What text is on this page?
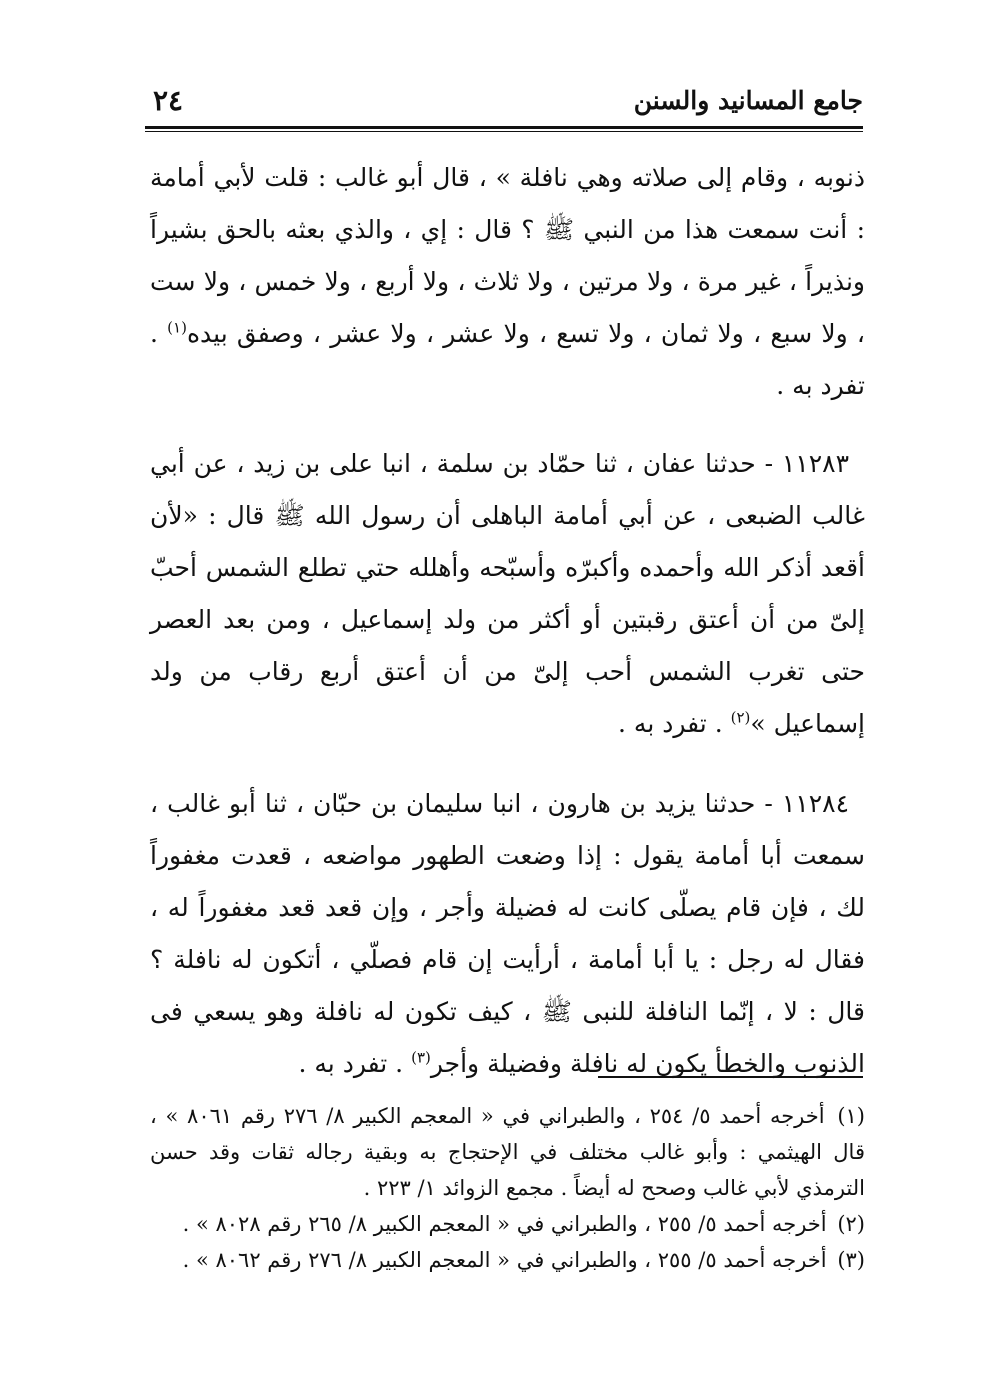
جامع المسانيد والسنن
٢٤

ذنوبه ، وقام إلى صلاته وهي نافلة » ، قال أبو غالب : قلت لأبي أمامة : أنت سمعت هذا من النبي ﷺ ؟ قال : إي ، والذي بعثه بالحق بشيراً ونذيراً ، غير مرة ، ولا مرتين ، ولا ثلاث ، ولا أربع ، ولا خمس ، ولا ست ، ولا سبع ، ولا ثمان ، ولا تسع ، ولا عشر ، ولا عشر ، وصفق بيده$^{(١)}$ . تفرد به .

١١٢٨٣ - حدثنا عفان ، ثنا حمّاد بن سلمة ، انبا على بن زيد ، عن أبي غالب الضبعى ، عن أبي أمامة الباهلى أن رسول الله ﷺ قال : «لأن أقعد أذكر الله وأحمده وأكبرّه وأسبّحه وأهلله حتي تطلع الشمس أحبّ إلىّ من أن أعتق رقبتين أو أكثر من ولد إسماعيل ، ومن بعد العصر حتى تغرب الشمس أحب إلىّ من أن أعتق أربع رقاب من ولد إسماعيل »$^{(٢)}$ . تفرد به .

١١٢٨٤ - حدثنا يزيد بن هارون ، انبا سليمان بن حبّان ، ثنا أبو غالب ، سمعت أبا أمامة يقول : إذا وضعت الطهور مواضعه ، قعدت مغفوراً لك ، فإن قام يصلّى كانت له فضيلة وأجر ، وإن قعد قعد مغفوراً له ، فقال له رجل : يا أبا أمامة ، أرأيت إن قام فصلّي ، أتكون له نافلة ؟ قال : لا ، إنّما النافلة للنبى ﷺ ، كيف تكون له نافلة وهو يسعي فى الذنوب والخطأ يكون له نافلة وفضيلة وأجر$^{(٣)}$ . تفرد به .

(١) أخرجه أحمد ٥/ ٢٥٤ ، والطبراني في « المعجم الكبير ٨/ ٢٧٦ رقم ٨٠٦١ » ، قال الهيثمي : وأبو غالب مختلف في الإحتجاج به وبقية رجاله ثقات وقد حسن الترمذي لأبي غالب وصحح له أيضاً . مجمع الزوائد ١/ ٢٢٣ .

(٢) أخرجه أحمد ٥/ ٢٥٥ ، والطبراني في « المعجم الكبير ٨/ ٢٦٥ رقم ٨٠٢٨ » .

(٣) أخرجه أحمد ٥/ ٢٥٥ ، والطبراني في « المعجم الكبير ٨/ ٢٧٦ رقم ٨٠٦٢ » .
